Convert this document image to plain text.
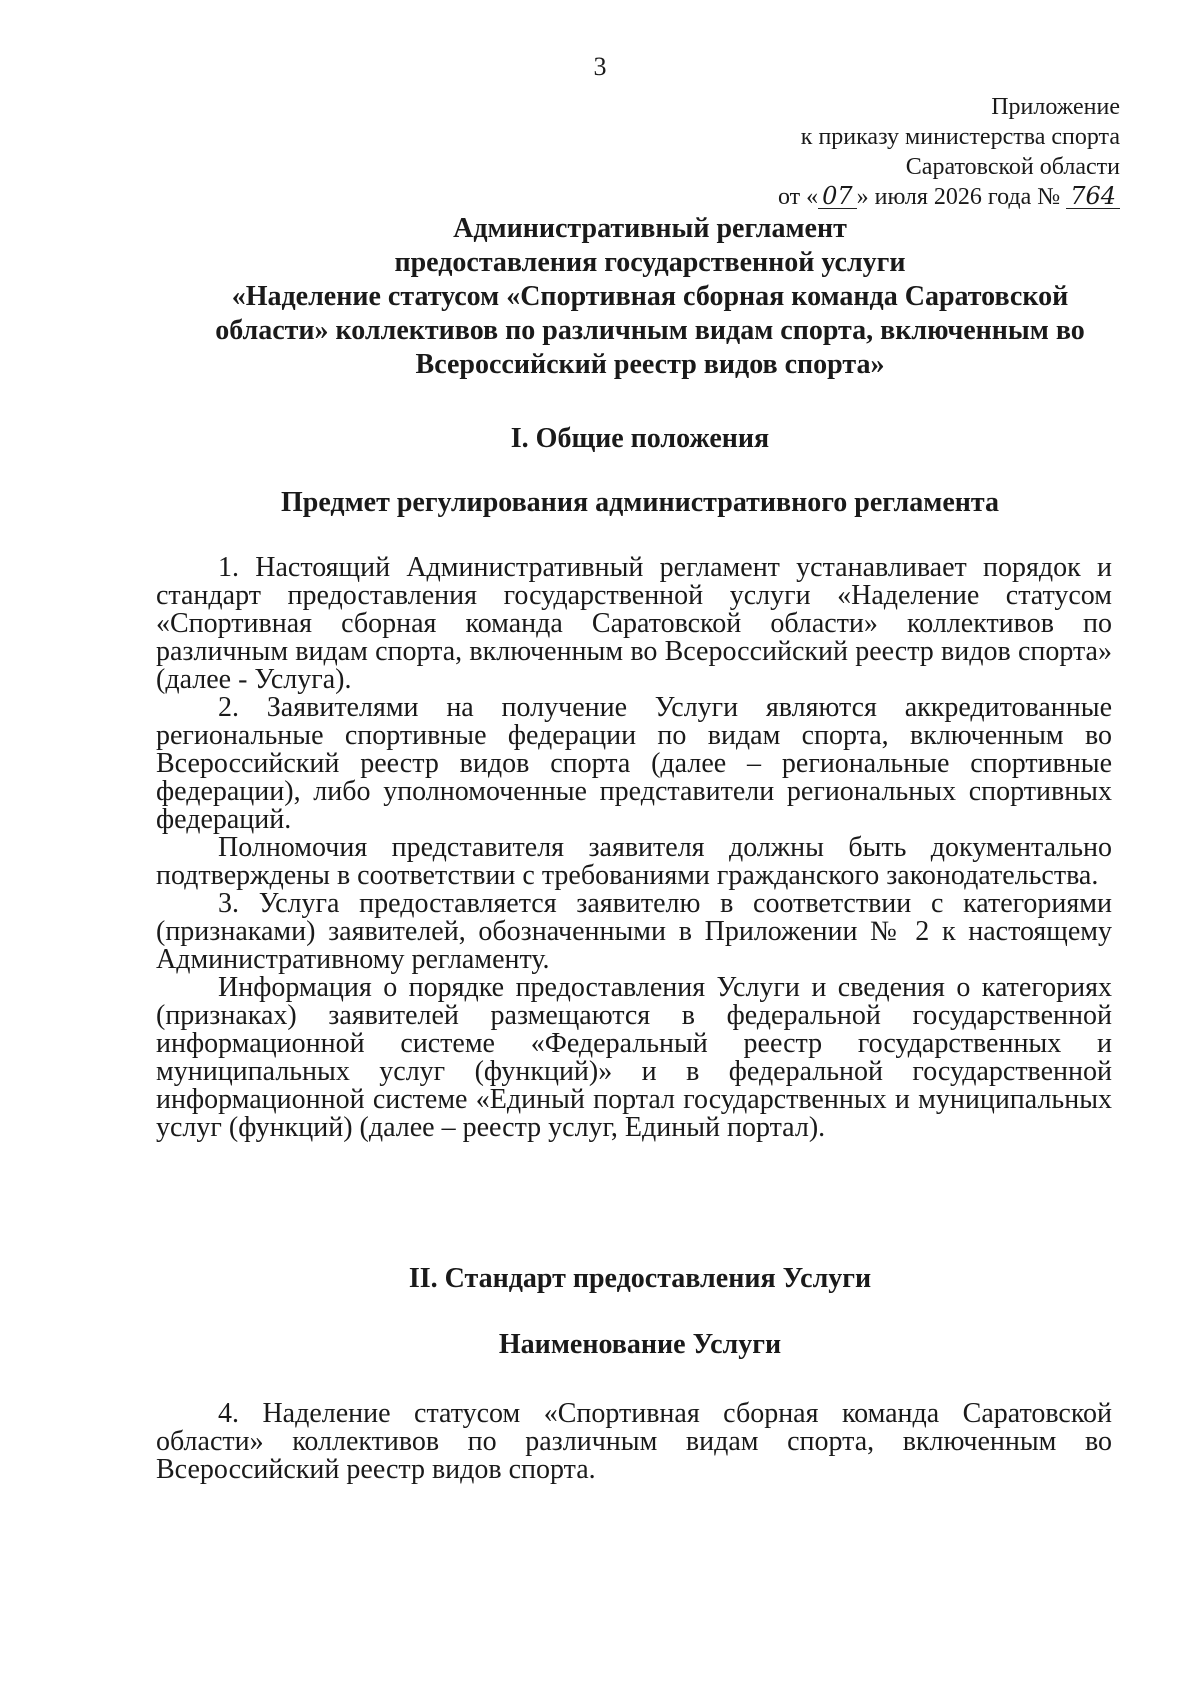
3
Приложение
к приказу министерства спорта
Саратовской области
от « 07 » июля 2026 года № 764
Административный регламент
предоставления государственной услуги
«Наделение статусом «Спортивная сборная команда Саратовской
области» коллективов по различным видам спорта, включенным во
Всероссийский реестр видов спорта»
I. Общие положения
Предмет регулирования административного регламента

1. Настоящий Административный регламент устанавливает порядок и стандарт предоставления государственной услуги «Наделение статусом «Спортивная сборная команда Саратовской области» коллективов по различным видам спорта, включенным во Всероссийский реестр видов спорта» (далее - Услуга).

2. Заявителями на получение Услуги являются аккредитованные региональные спортивные федерации по видам спорта, включенным во Всероссийский реестр видов спорта (далее – региональные спортивные федерации), либо уполномоченные представители региональных спортивных федераций.

Полномочия представителя заявителя должны быть документально подтверждены в соответствии с требованиями гражданского законодательства.

3. Услуга предоставляется заявителю в соответствии с категориями (признаками) заявителей, обозначенными в Приложении № 2 к настоящему Административному регламенту.

Информация о порядке предоставления Услуги и сведения о категориях (признаках) заявителей размещаются в федеральной государственной информационной системе «Федеральный реестр государственных и муниципальных услуг (функций)» и в федеральной государственной информационной системе «Единый портал государственных и муниципальных услуг (функций) (далее – реестр услуг, Единый портал).

II. Стандарт предоставления Услуги
Наименование Услуги

4. Наделение статусом «Спортивная сборная команда Саратовской области» коллективов по различным видам спорта, включенным во Всероссийский реестр видов спорта.
